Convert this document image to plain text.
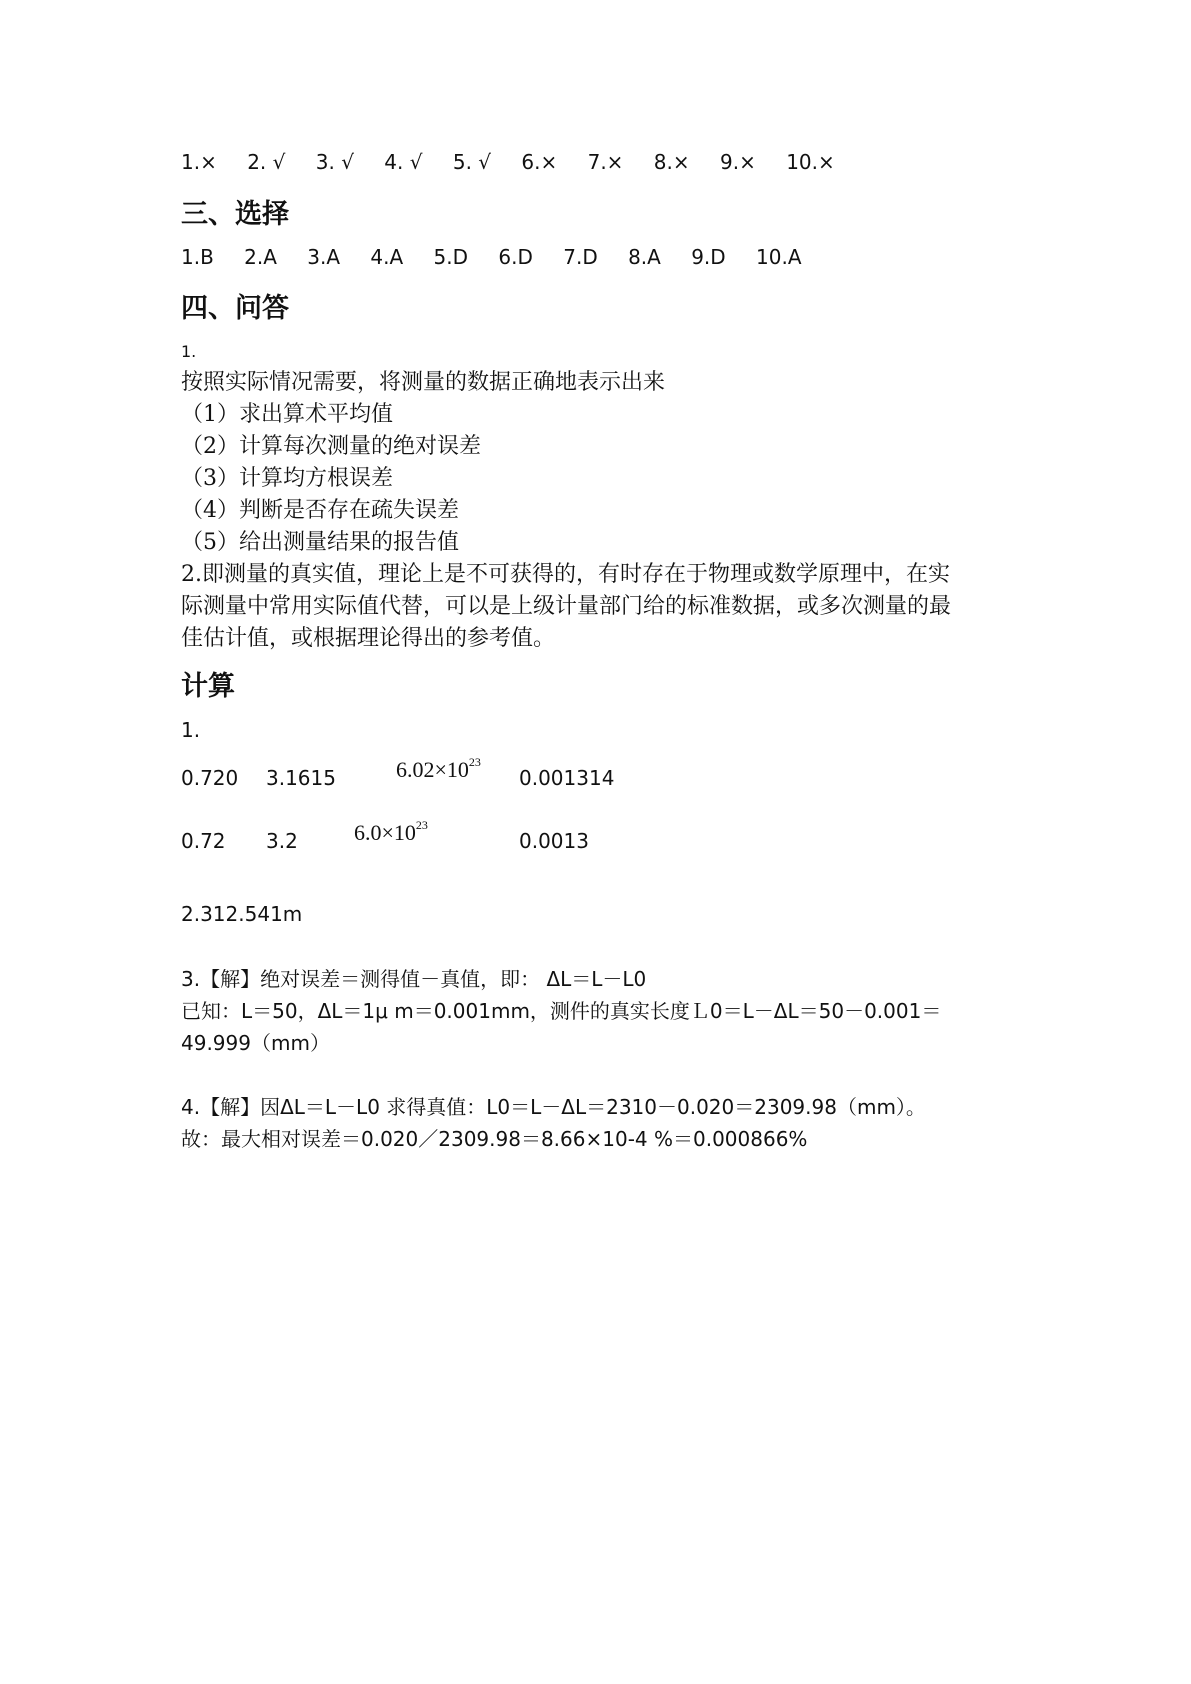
1.× 2. √ 3. √ 4. √ 5. √ 6.× 7.× 8.× 9.× 10.×
三、选择
1.B 2.A 3.A 4.A 5.D 6.D 7.D 8.A 9.D 10.A
四、问答
1.
按照实际情况需要，将测量的数据正确地表示出来
（1）求出算术平均值
（2）计算每次测量的绝对误差
（3）计算均方根误差
（4）判断是否存在疏失误差
（5）给出测量结果的报告值
2.即测量的真实值，理论上是不可获得的，有时存在于物理或数学原理中，在实
际测量中常用实际值代替，可以是上级计量部门给的标准数据，或多次测量的最
佳估计值，或根据理论得出的参考值。
计算
1.
0.720 3.1615	$6.02\times 10^{23}$
0.001314
0.72 3.2	$6.0\times 10^{23}$
0.0013
2.312.541m
3.【解】绝对误差＝测得值－真值，即： ΔL＝L－L0
已知：L＝50，ΔL＝1μ m＝0.001mm，测件的真实长度Ｌ0＝L－ΔL＝50－0.001＝
49.999（mm）
4.【解】因ΔL＝L－L0 求得真值：L0＝L－ΔL＝2310－0.020＝2309.98（mm）。
故：最大相对误差＝0.020／2309.98＝8.66×10-4 %＝0.000866%
